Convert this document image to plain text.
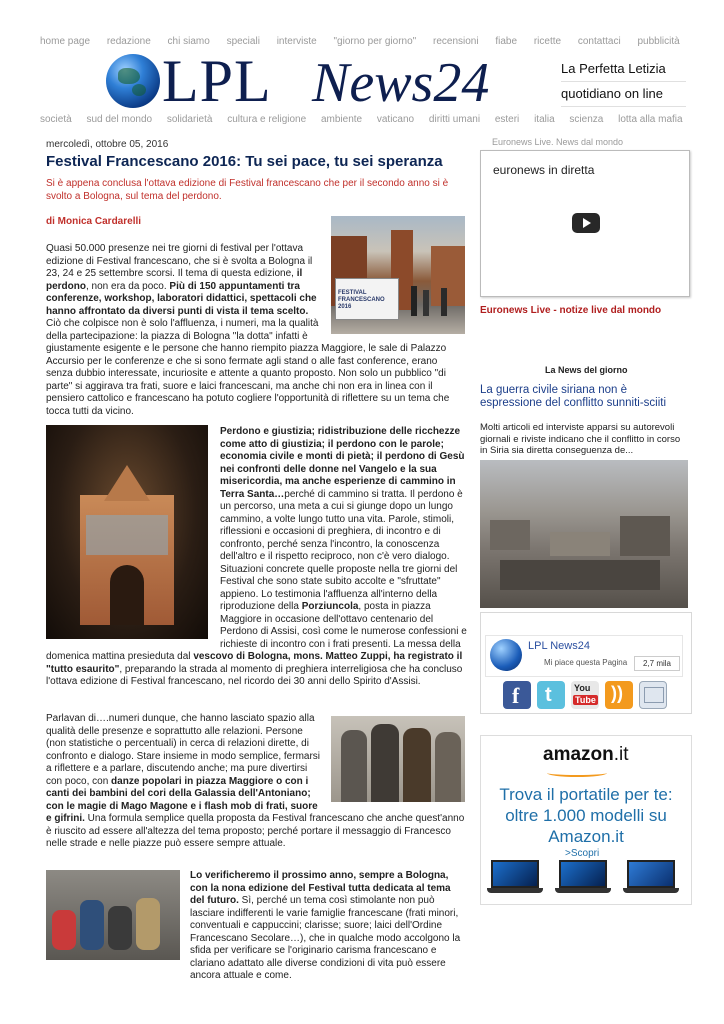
home page redazione chi siamo speciali interviste "giorno per giorno" recensioni fiabe ricette contattaci pubblicità
LPL News24	La Perfetta Letizia
quotidiano on line
società sud del mondo solidarietà cultura e religione ambiente vaticano diritti umani esteri italia scienza lotta alla mafia
mercoledì, ottobre 05, 2016
Festival Francescano 2016: Tu sei pace, tu sei speranza
Si è appena conclusa l'ottava edizione di Festival francescano che per il secondo anno si è svolto a Bologna, sul tema del perdono.
di Monica Cardarelli
FESTIVAL FRANCESCANO 2016
Quasi 50.000 presenze nei tre giorni di festival per l'ottava edizione di Festival francescano, che si è svolta a Bologna il 23, 24 e 25 settembre scorsi. Il tema di questa edizione, il perdono, non era da poco. Più di 150 appuntamenti tra conferenze, workshop, laboratori didattici, spettacoli che hanno affrontato da diversi punti di vista il tema scelto. Ciò che colpisce non è solo l'affluenza, i numeri, ma la qualità della partecipazione: la piazza di Bologna "la dotta" infatti è giustamente esigente e le persone che hanno riempito piazza Maggiore, le sale di Palazzo Accursio per le conferenze e che si sono fermate agli stand o alle fast conference, erano senza dubbio interessate, incuriosite e attente a quanto proposto. Non solo un pubblico "di parte" si aggirava tra frati, suore e laici francescani, ma anche chi non era in linea con il pensiero cattolico e francescano ha potuto cogliere l'opportunità di riflettere su un tema che tocca tutti da vicino.
Perdono e giustizia; ridistribuzione delle ricchezze come atto di giustizia; il perdono con le parole; economia civile e monti di pietà; il perdono di Gesù nei confronti delle donne nel Vangelo e la sua misericordia, ma anche esperienze di cammino in Terra Santa…perché di cammino si tratta. Il perdono è un percorso, una meta a cui si giunge dopo un lungo cammino, a volte lungo tutto una vita. Parole, stimoli, riflessioni e occasioni di preghiera, di incontro e di confronto, perché senza l'incontro, la conoscenza dell'altro e il rispetto reciproco, non c'è vero dialogo. Situazioni concrete quelle proposte nella tre giorni del Festival che sono state subito accolte e "sfruttate" appieno. Lo testimonia l'affluenza all'interno della riproduzione della Porziuncola, posta in piazza Maggiore in occasione dell'ottavo centenario del Perdono di Assisi, così come le numerose confessioni e richieste di incontro con i frati presenti. La messa della domenica mattina presieduta dal vescovo di Bologna, mons. Matteo Zuppi, ha registrato il "tutto esaurito", preparando la strada al momento di preghiera interreligiosa che ha concluso l'ottava edizione di Festival francescano, nel ricordo dei 30 anni dello Spirito d'Assisi.
Parlavan di….numeri dunque, che hanno lasciato spazio alla qualità delle presenze e soprattutto alle relazioni. Persone (non statistiche o percentuali) in cerca di relazioni dirette, di confronto e dialogo. Stare insieme in modo semplice, fermarsi a riflettere e a parlare, discutendo anche; ma pure divertirsi con poco, con danze popolari in piazza Maggiore o con i canti dei bambini del cori della Galassia dell'Antoniano; con le magie di Mago Magone e i flash mob di frati, suore e gifrini. Una formula semplice quella proposta da Festival francescano che anche quest'anno è riuscito ad essere all'altezza del tema proposto; perché portare il messaggio di Francesco nelle strade e nelle piazze può essere sempre attuale.
Lo verificheremo il prossimo anno, sempre a Bologna, con la nona edizione del Festival tutta dedicata al tema del futuro. Sì, perché un tema così stimolante non può lasciare indifferenti le varie famiglie francescane (frati minori, conventuali e cappuccini; clarisse; suore; laici dell'Ordine Francescano Secolare…), che in qualche modo accolgono la sfida per verificare se l'originario carisma francescano e clariano adattato alle diverse condizioni di vita può essere ancora attuale e come.
Euronews Live. News dal mondo
euronews in diretta
Euronews Live - notize live dal mondo
La News del giorno
La guerra civile siriana non è espressione del conflitto sunniti-sciiti
Molti articoli ed interviste apparsi su autorevoli giornali e riviste indicano che il conflitto in corso in Siria sia diretta conseguenza de...
LPL News24
Mi piace questa Pagina	2,7 mila
f t You
Tube ))
amazon.it
Trova il portatile per te: oltre 1.000 modelli su Amazon.it
>Scopri
